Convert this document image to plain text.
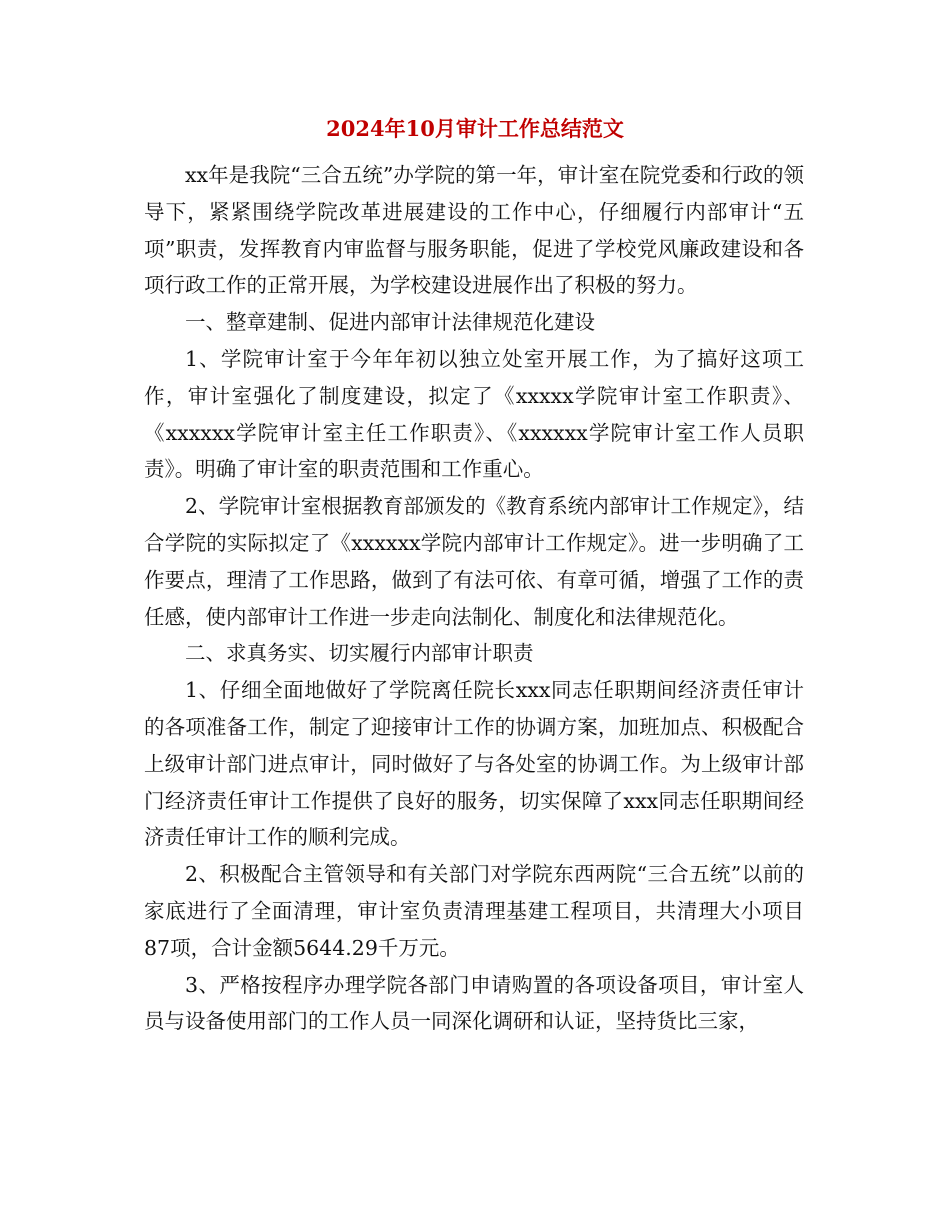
2024年10月审计工作总结范文

xx年是我院“三合五统”办学院的第一年，审计室在院党委和行政的领导下，紧紧围绕学院改革进展建设的工作中心，仔细履行内部审计“五项”职责，发挥教育内审监督与服务职能，促进了学校党风廉政建设和各项行政工作的正常开展，为学校建设进展作出了积极的努力。

一、整章建制、促进内部审计法律规范化建设

1、学院审计室于今年年初以独立处室开展工作，为了搞好这项工作，审计室强化了制度建设，拟定了《xxxxx学院审计室工作职责》、《xxxxxx学院审计室主任工作职责》、《xxxxxx学院审计室工作人员职责》。明确了审计室的职责范围和工作重心。

2、学院审计室根据教育部颁发的《教育系统内部审计工作规定》，结合学院的实际拟定了《xxxxxx学院内部审计工作规定》。进一步明确了工作要点，理清了工作思路，做到了有法可依、有章可循，增强了工作的责任感，使内部审计工作进一步走向法制化、制度化和法律规范化。

二、求真务实、切实履行内部审计职责

1、仔细全面地做好了学院离任院长xxx同志任职期间经济责任审计的各项准备工作，制定了迎接审计工作的协调方案，加班加点、积极配合上级审计部门进点审计，同时做好了与各处室的协调工作。为上级审计部门经济责任审计工作提供了良好的服务，切实保障了xxx同志任职期间经济责任审计工作的顺利完成。

2、积极配合主管领导和有关部门对学院东西两院“三合五统”以前的家底进行了全面清理，审计室负责清理基建工程项目，共清理大小项目87项，合计金额5644.29千万元。

3、严格按程序办理学院各部门申请购置的各项设备项目，审计室人员与设备使用部门的工作人员一同深化调研和认证，坚持货比三家，
